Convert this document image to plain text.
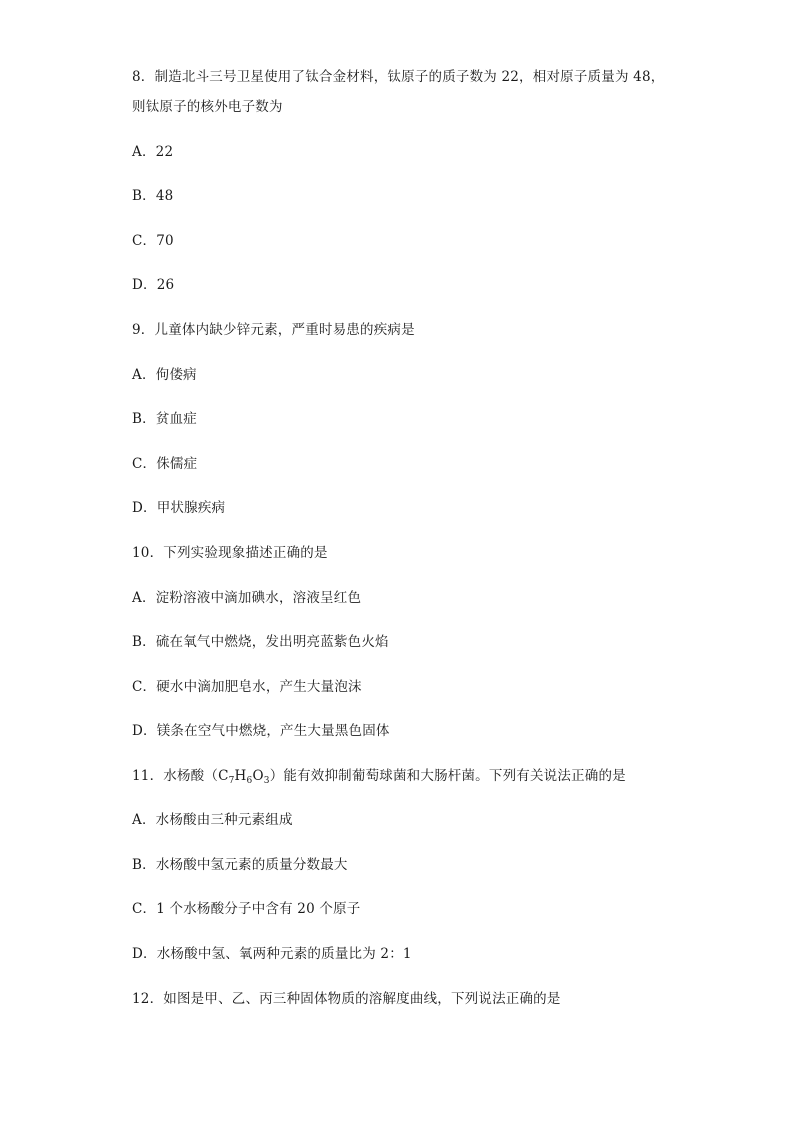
8．制造北斗三号卫星使用了钛合金材料，钛原子的质子数为 22，相对原子质量为 48，
则钛原子的核外电子数为
A．22
B．48
C．70
D．26
9．儿童体内缺少锌元素，严重时易患的疾病是
A．佝偻病
B．贫血症
C．侏儒症
D．甲状腺疾病
10．下列实验现象描述正确的是
A．淀粉溶液中滴加碘水，溶液呈红色
B．硫在氧气中燃烧，发出明亮蓝紫色火焰
C．硬水中滴加肥皂水，产生大量泡沫
D．镁条在空气中燃烧，产生大量黑色固体
11．水杨酸$(C_7H_6O_3)$能有效抑制葡萄球菌和大肠杆菌。下列有关说法正确的是
A．水杨酸由三种元素组成
B．水杨酸中氢元素的质量分数最大
C．1 个水杨酸分子中含有 20 个原子
D．水杨酸中氢、氧两种元素的质量比为 2：1
12．如图是甲、乙、丙三种固体物质的溶解度曲线，下列说法正确的是
